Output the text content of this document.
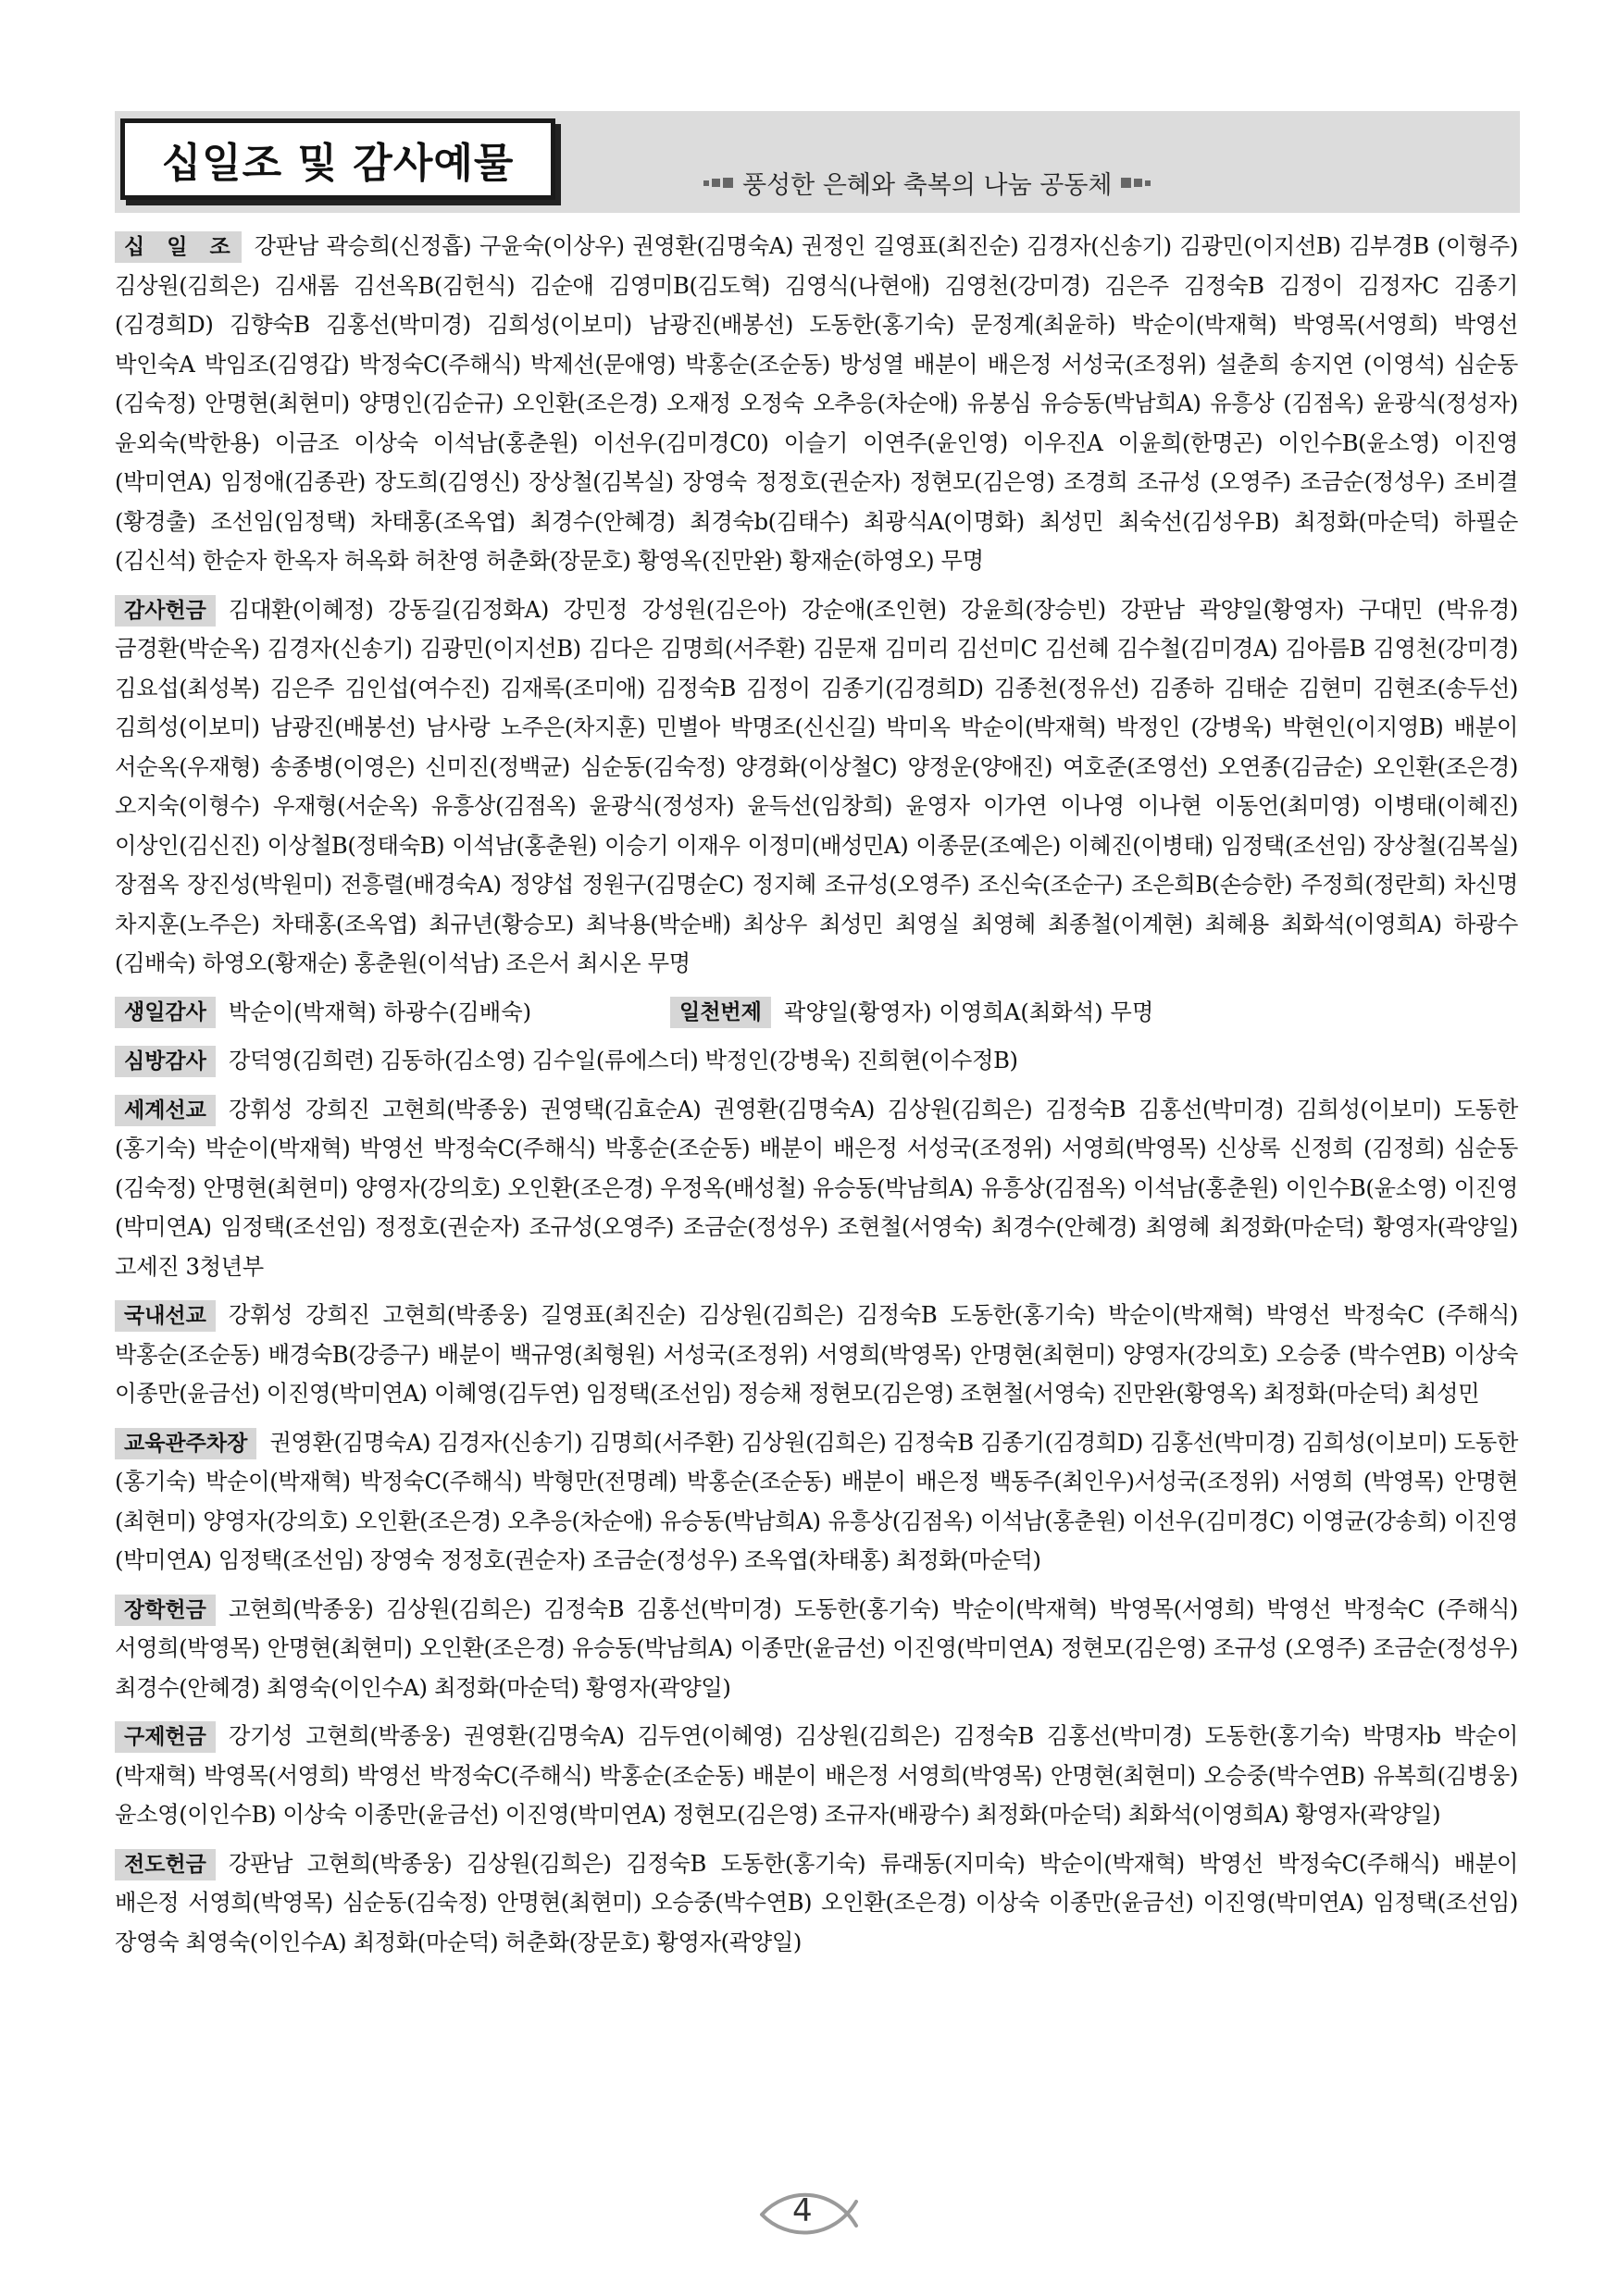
십일조 및 감사예물	풍성한 은혜와 축복의 나눔 공동체
십 일 조 강판남 곽승희(신정흡) 구윤숙(이상우) 권영환(김명숙A) 권정인 길영표(최진순) 김경자(신송기) 김광민(이지선B) 김부경B (이형주) 김상원(김희은) 김새롬 김선옥B(김헌식) 김순애 김영미B(김도혁) 김영식(나현애) 김영천(강미경) 김은주 김정숙B 김정이 김정자C 김종기(김경희D) 김향숙B 김홍선(박미경) 김희성(이보미) 남광진(배봉선) 도동한(홍기숙) 문정계(최윤하) 박순이(박재혁) 박영목(서영희) 박영선 박인숙A 박임조(김영갑) 박정숙C(주해식) 박제선(문애영) 박홍순(조순동) 방성열 배분이 배은정 서성국(조정위) 설춘희 송지연 (이영석) 심순동(김숙정) 안명현(최현미) 양명인(김순규) 오인환(조은경) 오재정 오정숙 오추응(차순애) 유봉심 유승동(박남희A) 유흥상 (김점옥) 윤광식(정성자) 윤외숙(박한용) 이금조 이상숙 이석남(홍춘원) 이선우(김미경C0) 이슬기 이연주(윤인영) 이우진A 이윤희(한명곤) 이인수B(윤소영) 이진영(박미연A) 임정애(김종관) 장도희(김영신) 장상철(김복실) 장영숙 정정호(권순자) 정현모(김은영) 조경희 조규성 (오영주) 조금순(정성우) 조비결(황경출) 조선임(임정택) 차태홍(조옥엽) 최경수(안혜경) 최경숙b(김태수) 최광식A(이명화) 최성민 최숙선(김성우B) 최정화(마순덕) 하필순(김신석) 한순자 한옥자 허옥화 허찬영 허춘화(장문호) 황영옥(진만완) 황재순(하영오) 무명
감사헌금 김대환(이혜정) 강동길(김정화A) 강민정 강성원(김은아) 강순애(조인현) 강윤희(장승빈) 강판남 곽양일(황영자) 구대민 (박유경) 금경환(박순옥) 김경자(신송기) 김광민(이지선B) 김다은 김명희(서주환) 김문재 김미리 김선미C 김선혜 김수철(김미경A) 김아름B 김영천(강미경) 김요섭(최성복) 김은주 김인섭(여수진) 김재록(조미애) 김정숙B 김정이 김종기(김경희D) 김종천(정유선) 김종하 김태순 김현미 김현조(송두선) 김희성(이보미) 남광진(배봉선) 남사랑 노주은(차지훈) 민별아 박명조(신신길) 박미옥 박순이(박재혁) 박정인 (강병욱) 박현인(이지영B) 배분이 서순옥(우재형) 송종병(이영은) 신미진(정백균) 심순동(김숙정) 양경화(이상철C) 양정운(양애진) 여호준(조영선) 오연종(김금순) 오인환(조은경) 오지숙(이형수) 우재형(서순옥) 유흥상(김점옥) 윤광식(정성자) 윤득선(임창희) 윤영자 이가연 이나영 이나현 이동언(최미영) 이병태(이혜진) 이상인(김신진) 이상철B(정태숙B) 이석남(홍춘원) 이승기 이재우 이정미(배성민A) 이종문(조예은) 이혜진(이병태) 임정택(조선임) 장상철(김복실) 장점옥 장진성(박원미) 전흥렬(배경숙A) 정양섭 정원구(김명순C) 정지혜 조규성(오영주) 조신숙(조순구) 조은희B(손승한) 주정희(정란희) 차신명 차지훈(노주은) 차태홍(조옥엽) 최규년(황승모) 최낙용(박순배) 최상우 최성민 최영실 최영혜 최종철(이계현) 최혜용 최화석(이영희A) 하광수(김배숙) 하영오(황재순) 홍춘원(이석남) 조은서 최시온 무명
생일감사 박순이(박재혁) 하광수(김배숙)	일천번제 곽양일(황영자) 이영희A(최화석) 무명
심방감사 강덕영(김희련) 김동하(김소영) 김수일(류에스더) 박정인(강병욱) 진희현(이수정B)
세계선교 강휘성 강희진 고현희(박종웅) 권영택(김효순A) 권영환(김명숙A) 김상원(김희은) 김정숙B 김홍선(박미경) 김희성(이보미) 도동한(홍기숙) 박순이(박재혁) 박영선 박정숙C(주해식) 박홍순(조순동) 배분이 배은정 서성국(조정위) 서영희(박영목) 신상록 신정희 (김정희) 심순동(김숙정) 안명현(최현미) 양영자(강의호) 오인환(조은경) 우정옥(배성철) 유승동(박남희A) 유흥상(김점옥) 이석남(홍춘원) 이인수B(윤소영) 이진영(박미연A) 임정택(조선임) 정정호(권순자) 조규성(오영주) 조금순(정성우) 조현철(서영숙) 최경수(안혜경) 최영혜 최정화(마순덕) 황영자(곽양일) 고세진 3청년부
국내선교 강휘성 강희진 고현희(박종웅) 길영표(최진순) 김상원(김희은) 김정숙B 도동한(홍기숙) 박순이(박재혁) 박영선 박정숙C (주해식) 박홍순(조순동) 배경숙B(강증구) 배분이 백규영(최형원) 서성국(조정위) 서영희(박영목) 안명현(최현미) 양영자(강의호) 오승중 (박수연B) 이상숙 이종만(윤금선) 이진영(박미연A) 이혜영(김두연) 임정택(조선임) 정승채 정현모(김은영) 조현철(서영숙) 진만완(황영옥) 최정화(마순덕) 최성민
교육관주차장 권영환(김명숙A) 김경자(신송기) 김명희(서주환) 김상원(김희은) 김정숙B 김종기(김경희D) 김홍선(박미경) 김희성(이보미) 도동한(홍기숙) 박순이(박재혁) 박정숙C(주해식) 박형만(전명례) 박홍순(조순동) 배분이 배은정 백동주(최인우)서성국(조정위) 서영희 (박영목) 안명현(최현미) 양영자(강의호) 오인환(조은경) 오추응(차순애) 유승동(박남희A) 유흥상(김점옥) 이석남(홍춘원) 이선우(김미경C) 이영균(강송희) 이진영(박미연A) 임정택(조선임) 장영숙 정정호(권순자) 조금순(정성우) 조옥엽(차태홍) 최정화(마순덕)
장학헌금 고현희(박종웅) 김상원(김희은) 김정숙B 김홍선(박미경) 도동한(홍기숙) 박순이(박재혁) 박영목(서영희) 박영선 박정숙C (주해식) 서영희(박영목) 안명현(최현미) 오인환(조은경) 유승동(박남희A) 이종만(윤금선) 이진영(박미연A) 정현모(김은영) 조규성 (오영주) 조금순(정성우) 최경수(안혜경) 최영숙(이인수A) 최정화(마순덕) 황영자(곽양일)
구제헌금 강기성 고현희(박종웅) 권영환(김명숙A) 김두연(이혜영) 김상원(김희은) 김정숙B 김홍선(박미경) 도동한(홍기숙) 박명자b 박순이(박재혁) 박영목(서영희) 박영선 박정숙C(주해식) 박홍순(조순동) 배분이 배은정 서영희(박영목) 안명현(최현미) 오승중(박수연B) 유복희(김병웅) 윤소영(이인수B) 이상숙 이종만(윤금선) 이진영(박미연A) 정현모(김은영) 조규자(배광수) 최정화(마순덕) 최화석(이영희A) 황영자(곽양일)
전도헌금 강판남 고현희(박종웅) 김상원(김희은) 김정숙B 도동한(홍기숙) 류래동(지미숙) 박순이(박재혁) 박영선 박정숙C(주해식) 배분이 배은정 서영희(박영목) 심순동(김숙정) 안명현(최현미) 오승중(박수연B) 오인환(조은경) 이상숙 이종만(윤금선) 이진영(박미연A) 임정택(조선임) 장영숙 최영숙(이인수A) 최정화(마순덕) 허춘화(장문호) 황영자(곽양일)
4
